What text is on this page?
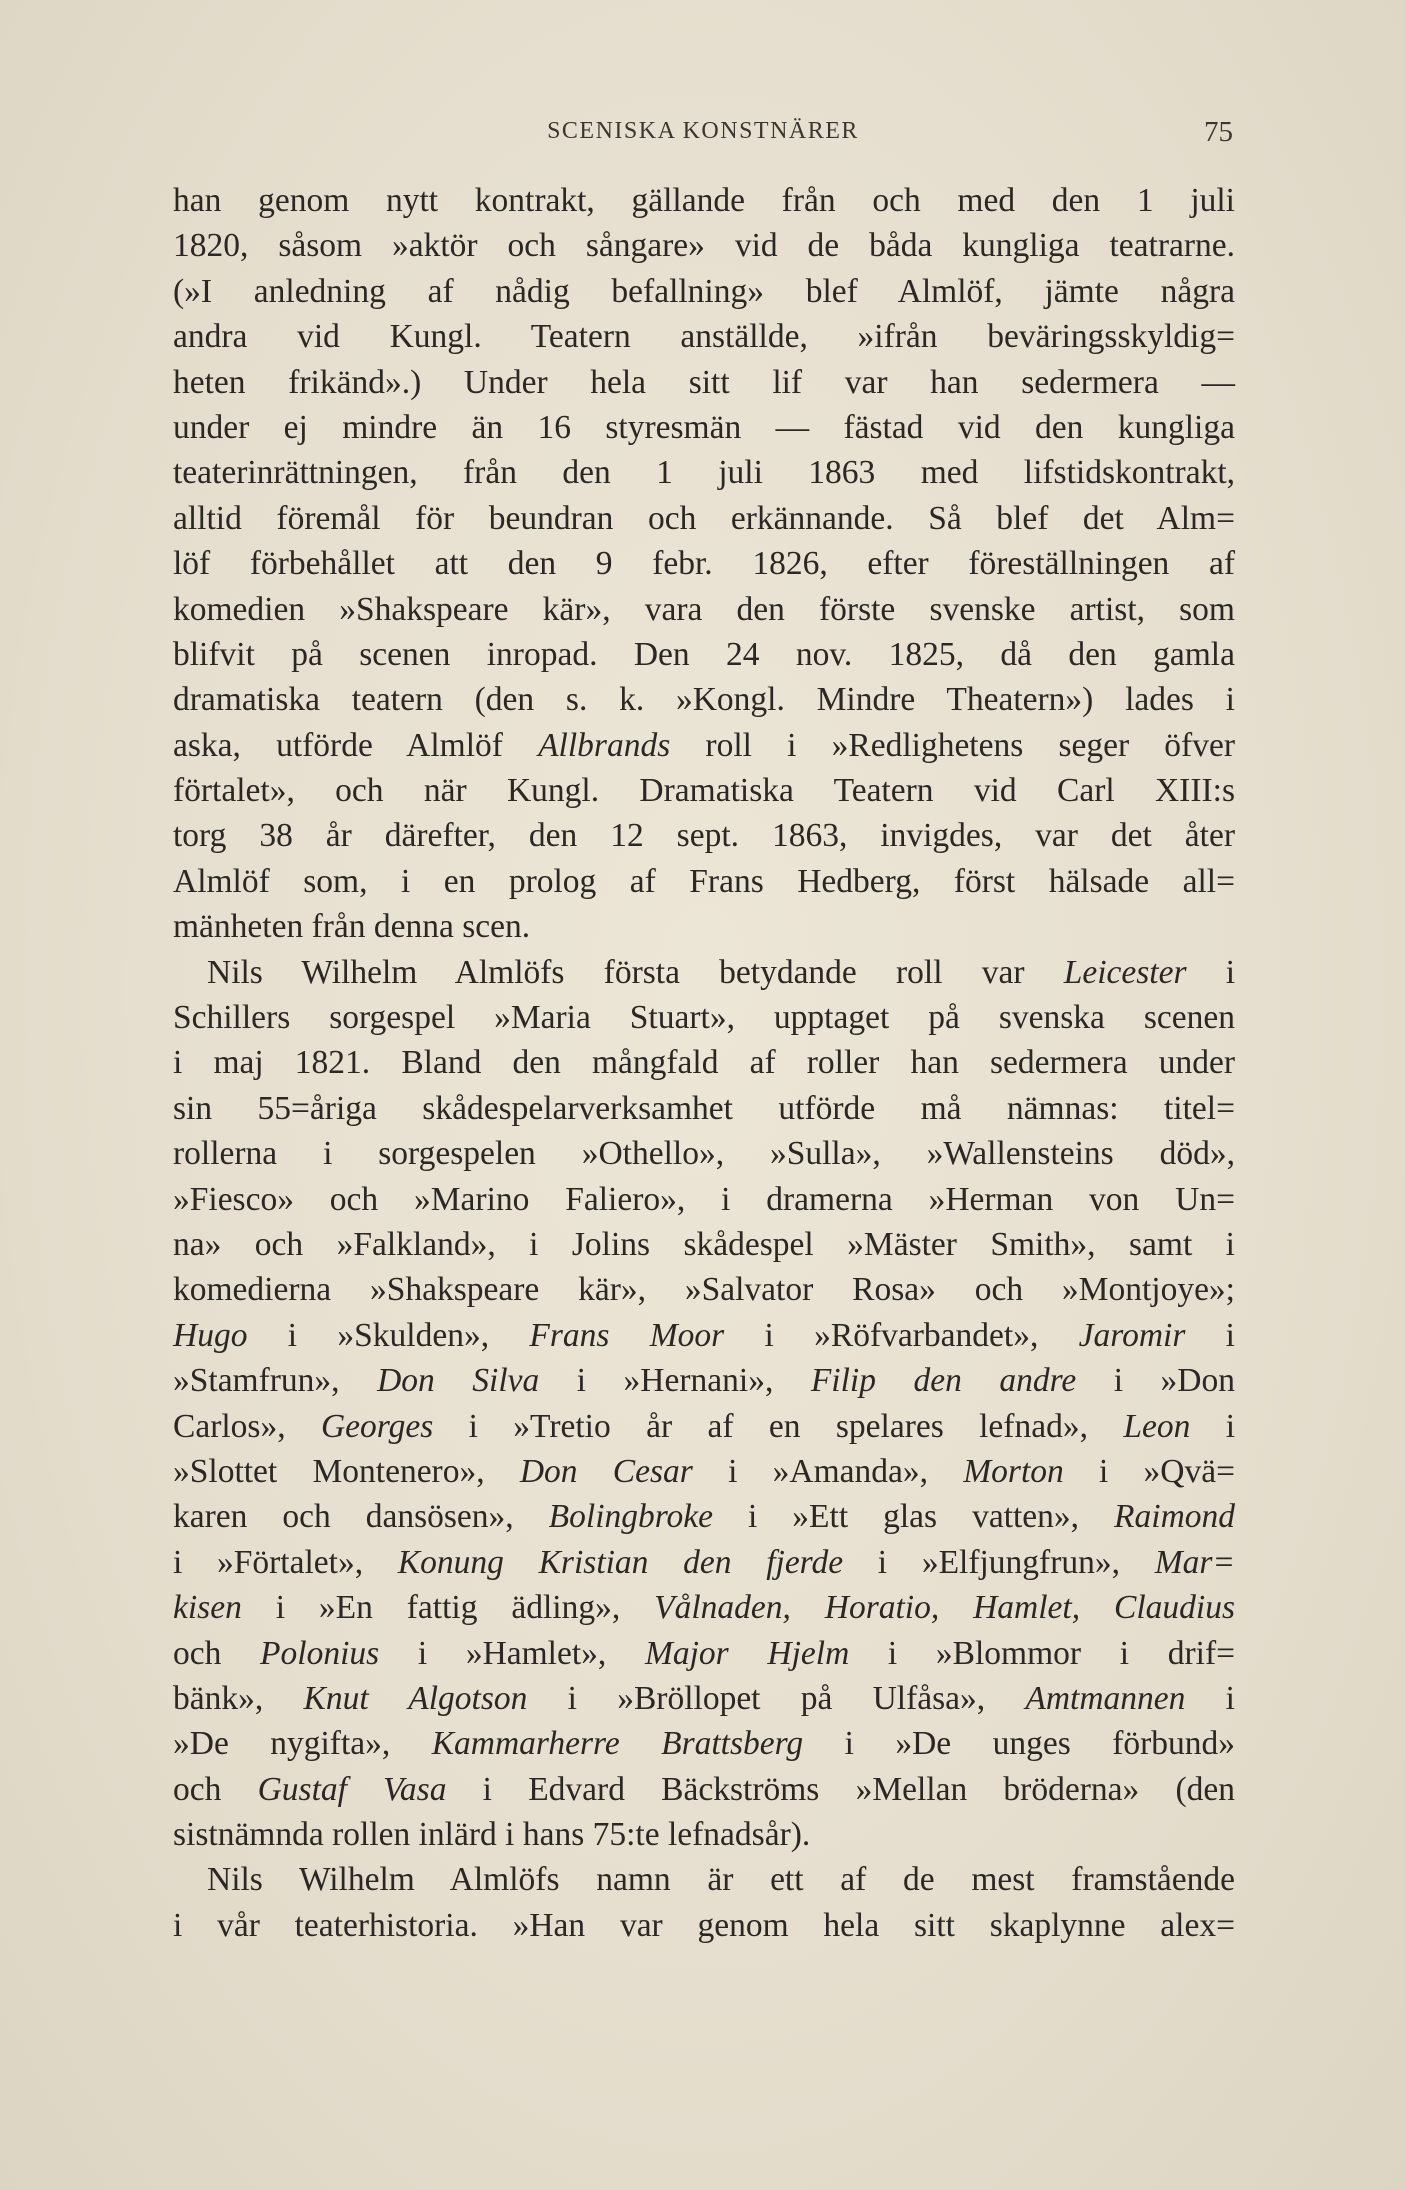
SCENISKA KONSTNÄRER	75
han genom nytt kontrakt, gällande från och med den 1 juli
1820, såsom »aktör och sångare» vid de båda kungliga teatrarne.
(»I anledning af nådig befallning» blef Almlöf, jämte några
andra vid Kungl. Teatern anställde, »ifrån beväringsskyldig=
heten frikänd».) Under hela sitt lif var han sedermera —
under ej mindre än 16 styresmän — fästad vid den kungliga
teaterinrättningen, från den 1 juli 1863 med lifstidskontrakt,
alltid föremål för beundran och erkännande. Så blef det Alm=
löf förbehållet att den 9 febr. 1826, efter föreställningen af
komedien »Shakspeare kär», vara den förste svenske artist, som
blifvit på scenen inropad. Den 24 nov. 1825, då den gamla
dramatiska teatern (den s. k. »Kongl. Mindre Theatern») lades i
aska, utförde Almlöf Allbrands roll i »Redlighetens seger öfver
förtalet», och när Kungl. Dramatiska Teatern vid Carl XIII:s
torg 38 år därefter, den 12 sept. 1863, invigdes, var det åter
Almlöf som, i en prolog af Frans Hedberg, först hälsade all=
mänheten från denna scen.
Nils Wilhelm Almlöfs första betydande roll var Leicester i
Schillers sorgespel »Maria Stuart», upptaget på svenska scenen
i maj 1821. Bland den mångfald af roller han sedermera under
sin 55=åriga skådespelarverksamhet utförde må nämnas: titel=
rollerna i sorgespelen »Othello», »Sulla», »Wallensteins död»,
»Fiesco» och »Marino Faliero», i dramerna »Herman von Un=
na» och »Falkland», i Jolins skådespel »Mäster Smith», samt i
komedierna »Shakspeare kär», »Salvator Rosa» och »Montjoye»;
Hugo i »Skulden», Frans Moor i »Röfvarbandet», Jaromir i
»Stamfrun», Don Silva i »Hernani», Filip den andre i »Don
Carlos», Georges i »Tretio år af en spelares lefnad», Leon i
»Slottet Montenero», Don Cesar i »Amanda», Morton i »Qvä=
karen och dansösen», Bolingbroke i »Ett glas vatten», Raimond
i »Förtalet», Konung Kristian den fjerde i »Elfjungfrun», Mar=
kisen i »En fattig ädling», Vålnaden, Horatio, Hamlet, Claudius
och Polonius i »Hamlet», Major Hjelm i »Blommor i drif=
bänk», Knut Algotson i »Bröllopet på Ulfåsa», Amtmannen i
»De nygifta», Kammarherre Brattsberg i »De unges förbund»
och Gustaf Vasa i Edvard Bäckströms »Mellan bröderna» (den
sistnämnda rollen inlärd i hans 75:te lefnadsår).
Nils Wilhelm Almlöfs namn är ett af de mest framstående
i vår teaterhistoria. »Han var genom hela sitt skaplynne alex=
